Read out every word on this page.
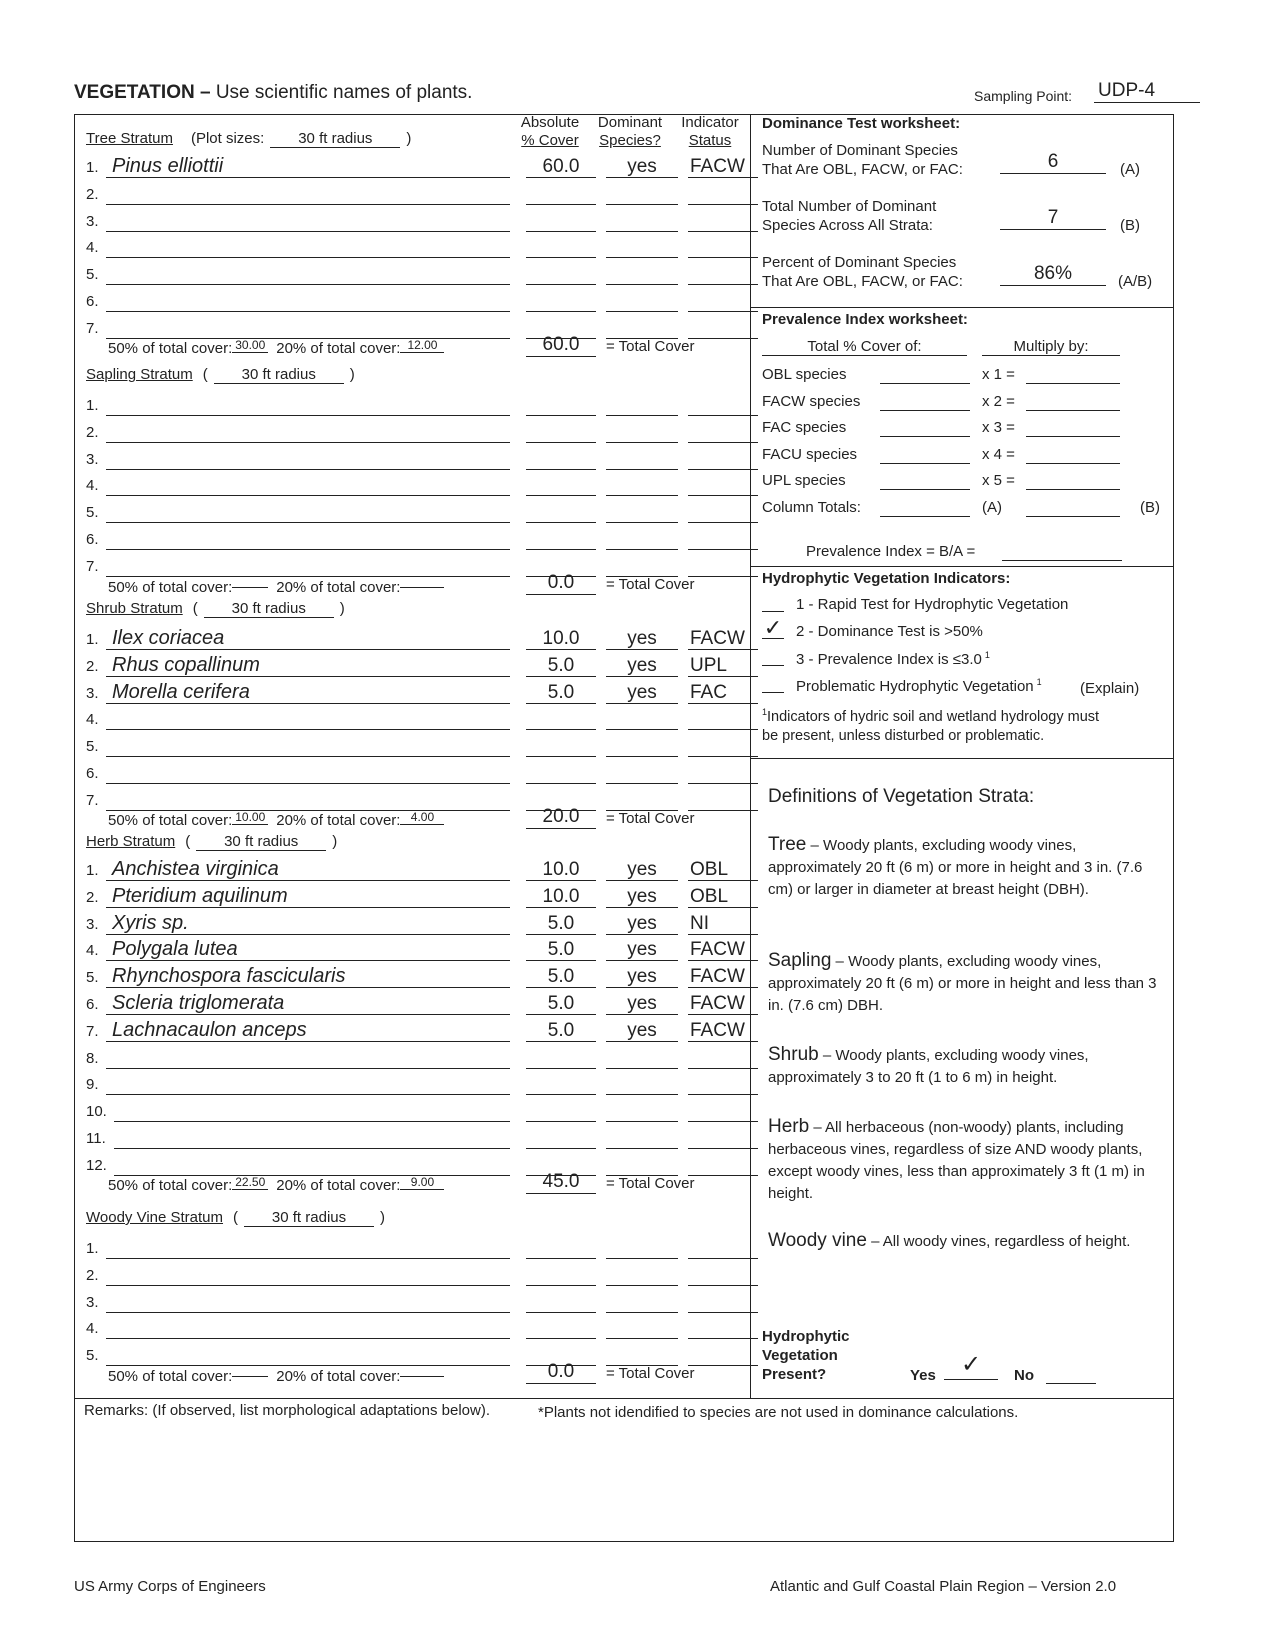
VEGETATION – Use scientific names of plants.	Sampling Point: UDP-4
Absolute
% Cover
Dominant
Species?
Indicator
Status
Tree Stratum (Plot sizes: 30 ft radius )
1. Pinus elliottii	60.0	yes	FACW
2.
3.
4.
5.
6.
7.
50% of total cover: 30.00 20% of total cover: 12.00	60.0	= Total Cover
Sapling Stratum ( 30 ft radius )
1.
2.
3.
4.
5.
6.
7.
50% of total cover:	20% of total cover:	0.0	= Total Cover
Shrub Stratum ( 30 ft radius )
1. Ilex coriacea	10.0	yes	FACW
2. Rhus copallinum	5.0	yes	UPL
3. Morella cerifera	5.0	yes	FAC
4.
5.
6.
7.
50% of total cover: 10.00 20% of total cover: 4.00	20.0	= Total Cover
Herb Stratum ( 30 ft radius )
1. Anchistea virginica	10.0	yes	OBL
2. Pteridium aquilinum	10.0	yes	OBL
3. Xyris sp.	5.0	yes	NI
4. Polygala lutea	5.0	yes	FACW
5. Rhynchospora fascicularis	5.0	yes	FACW
6. Scleria triglomerata	5.0	yes	FACW
7. Lachnacaulon anceps	5.0	yes	FACW
8.
9.
10.
11.
12.
50% of total cover: 22.50 20% of total cover: 9.00	45.0	= Total Cover
Woody Vine Stratum ( 30 ft radius )
1.
2.
3.
4.
5.
50% of total cover:	20% of total cover:	0.0	= Total Cover
Dominance Test worksheet:
Number of Dominant Species
That Are OBL, FACW, or FAC:	6	(A)
Total Number of Dominant
Species Across All Strata:	7	(B)
Percent of Dominant Species
That Are OBL, FACW, or FAC:	86%	(A/B)
Prevalence Index worksheet:
Total % Cover of:	Multiply by:
OBL species	x 1 =
FACW species	x 2 =
FAC species	x 3 =
FACU species	x 4 =
UPL species	x 5 =
Column Totals:	(A)	(B)
Prevalence Index = B/A =
Hydrophytic Vegetation Indicators:
1 - Rapid Test for Hydrophytic Vegetation
✓ 2 - Dominance Test is >50%
3 - Prevalence Index is ≤3.0 $^1$
Problematic Hydrophytic Vegetation $^1$	(Explain)
$^1$Indicators of hydric soil and wetland hydrology must
be present, unless disturbed or problematic.

Definitions of Vegetation Strata:

Tree – Woody plants, excluding woody vines, approximately 20 ft (6 m) or more in height and 3 in. (7.6 cm) or larger in diameter at breast height (DBH).

Sapling – Woody plants, excluding woody vines, approximately 20 ft (6 m) or more in height and less than 3 in. (7.6 cm) DBH.

Shrub – Woody plants, excluding woody vines, approximately 3 to 20 ft (1 to 6 m) in height.

Herb – All herbaceous (non-woody) plants, including herbaceous vines, regardless of size AND woody plants, except woody vines, less than approximately 3 ft (1 m) in height.

Woody vine – All woody vines, regardless of height.

Hydrophytic
Vegetation
Present?	Yes	✓	No
Remarks: (If observed, list morphological adaptations below).	*Plants not idendified to species are not used in dominance calculations.
US Army Corps of Engineers	Atlantic and Gulf Coastal Plain Region – Version 2.0
